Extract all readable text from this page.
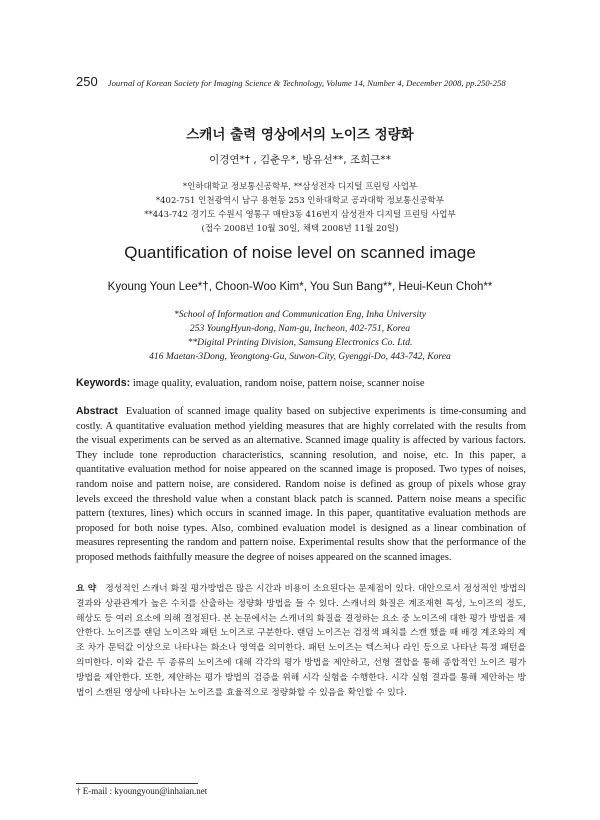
250 Journal of Korean Society for Imaging Science & Technology, Volume 14, Number 4, December 2008, pp.250-258
스캐너 출력 영상에서의 노이즈 정량화
이경연*† , 김춘우*, 방유선**, 조희근**
*인하대학교 정보통신공학부, **삼성전자 디지털 프린팅 사업부
*402-751 인천광역시 남구 용현동 253 인하대학교 공과대학 정보통신공학부
**443-742 경기도 수원시 영통구 매탄3동 416번지 삼성전자 디지털 프린팅 사업부
(접수 2008년 10월 30일, 채택 2008년 11월 20일)
Quantification of noise level on scanned image
Kyoung Youn Lee*†, Choon-Woo Kim*, You Sun Bang**, Heui-Keun Choh**
*School of Information and Communication Eng, Inha University
253 YoungHyun-dong, Nam-gu, Incheon, 402-751, Korea
**Digital Printing Division, Samsung Electronics Co. Ltd.
416 Maetan-3Dong, Yeongtong-Gu, Suwon-City, Gyenggi-Do, 443-742, Korea
Keywords: image quality, evaluation, random noise, pattern noise, scanner noise
Abstract Evaluation of scanned image quality based on subjective experiments is time-consuming and costly. A quantitative evaluation method yielding measures that are highly correlated with the results from the visual experiments can be served as an alternative. Scanned image quality is affected by various factors. They include tone reproduction characteristics, scanning resolution, and noise, etc. In this paper, a quantitative evaluation method for noise appeared on the scanned image is proposed. Two types of noises, random noise and pattern noise, are considered. Random noise is defined as group of pixels whose gray levels exceed the threshold value when a constant black patch is scanned. Pattern noise means a specific pattern (textures, lines) which occurs in scanned image. In this paper, quantitative evaluation methods are proposed for both noise types. Also, combined evaluation model is designed as a linear combination of measures representing the random and pattern noise. Experimental results show that the performance of the proposed methods faithfully measure the degree of noises appeared on the scanned images.
요 약 정성적인 스캐너 화질 평가방법은 많은 시간과 비용이 소요된다는 문제점이 있다. 대안으로서 정성적인 방법의 결과와 상관관계가 높은 수치를 산출하는 정량화 방법을 들 수 있다. 스캐너의 화질은 계조재현 특성, 노이즈의 정도, 해상도 등 여러 요소에 의해 결정된다. 본 논문에서는 스캐너의 화질을 결정하는 요소 중 노이즈에 대한 평가 방법을 제안한다. 노이즈를 랜덤 노이즈와 패턴 노이즈로 구분한다. 랜덤 노이즈는 검정색 패치를 스캔 했을 때 배경 계조와의 계조 차가 문턱값 이상으로 나타나는 화소나 영역을 의미한다. 패턴 노이즈는 텍스쳐나 라인 등으로 나타난 특정 패턴을 의미한다. 이와 같은 두 종류의 노이즈에 대해 각각의 평가 방법을 제안하고, 선형 결합을 통해 종합적인 노이즈 평가 방법을 제안한다. 또한, 제안하는 평가 방법의 검증을 위해 시각 실험을 수행한다. 시각 실험 결과를 통해 제안하는 방법이 스캔된 영상에 나타나는 노이즈를 효율적으로 정량화할 수 있음을 확인할 수 있다.
† E-mail : kyoungyoun@inhaian.net
